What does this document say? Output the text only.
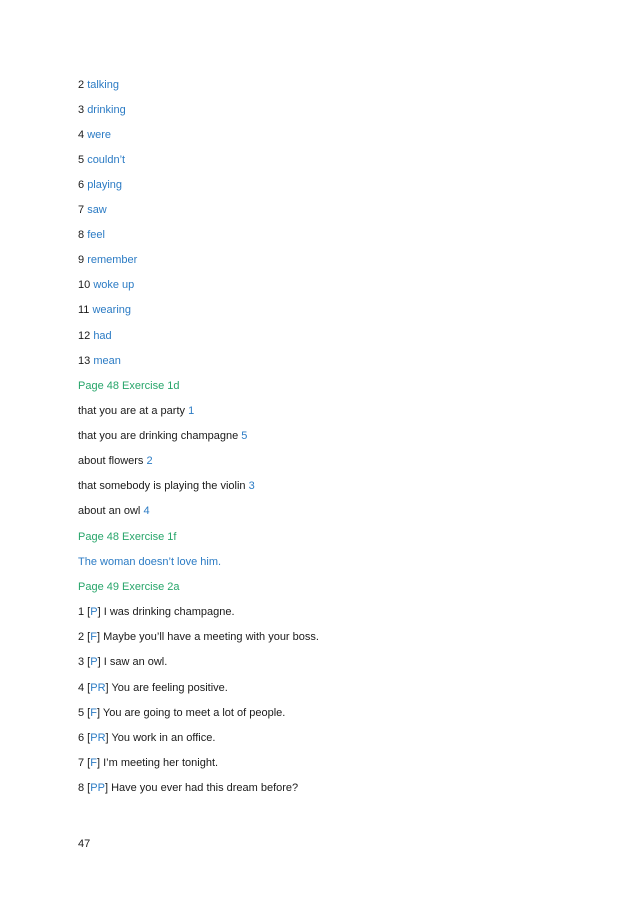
2 talking

3 drinking

4 were

5 couldn’t

6 playing

7 saw

8 feel

9 remember

10 woke up

11 wearing

12 had

13 mean

Page 48 Exercise 1d

that you are at a party 1

that you are drinking champagne 5

about flowers 2

that somebody is playing the violin 3

about an owl 4

Page 48 Exercise 1f

The woman doesn’t love him.

Page 49 Exercise 2a

1 [P] I was drinking champagne.

2 [F] Maybe you’ll have a meeting with your boss.

3 [P] I saw an owl.

4 [PR] You are feeling positive.

5 [F] You are going to meet a lot of people.

6 [PR] You work in an office.

7 [F] I’m meeting her tonight.

8 [PP] Have you ever had this dream before?

47
